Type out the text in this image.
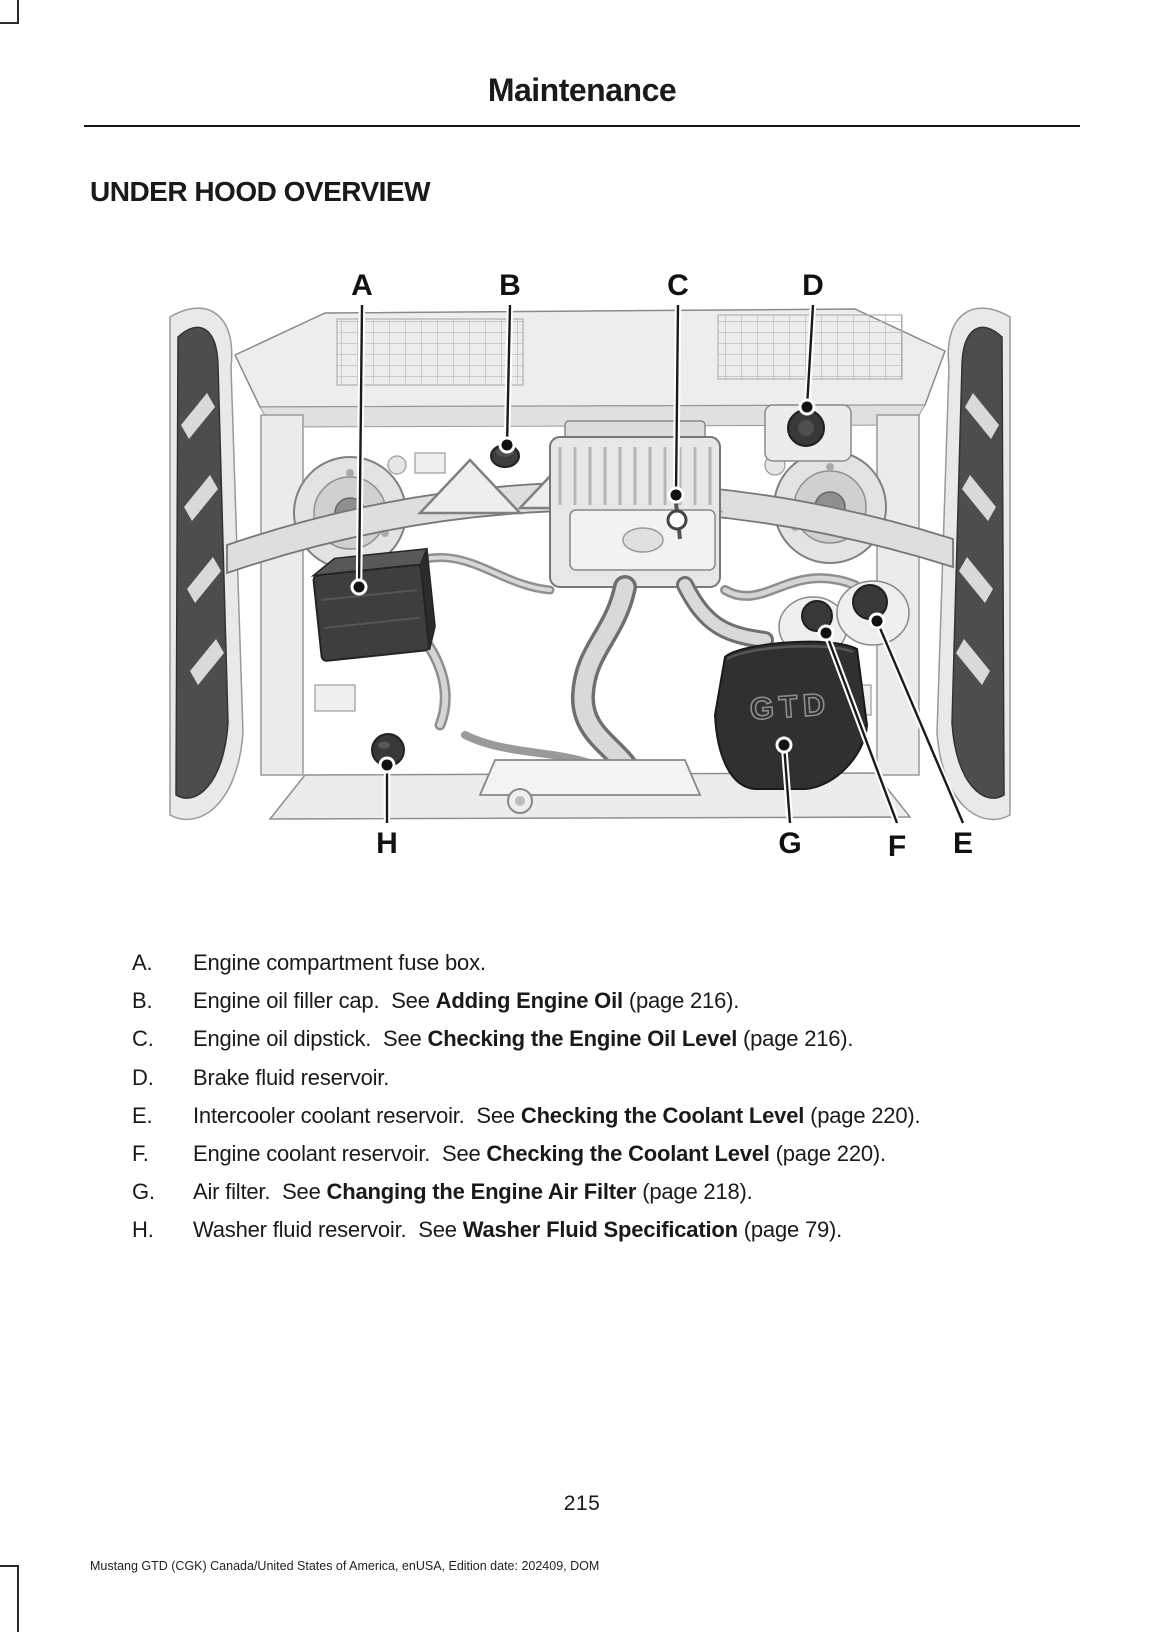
Maintenance
UNDER HOOD OVERVIEW
GTD
A	B	C	D
H	G	F E
A. Engine compartment fuse box.
B. Engine oil filler cap.  See Adding Engine Oil (page 216).
C. Engine oil dipstick.  See Checking the Engine Oil Level (page 216).
D. Brake fluid reservoir.
E. Intercooler coolant reservoir.  See Checking the Coolant Level (page 220).
F. Engine coolant reservoir.  See Checking the Coolant Level (page 220).
G. Air filter.  See Changing the Engine Air Filter (page 218).
H. Washer fluid reservoir.  See Washer Fluid Specification (page 79).
215
Mustang GTD (CGK) Canada/United States of America, enUSA, Edition date: 202409, DOM
